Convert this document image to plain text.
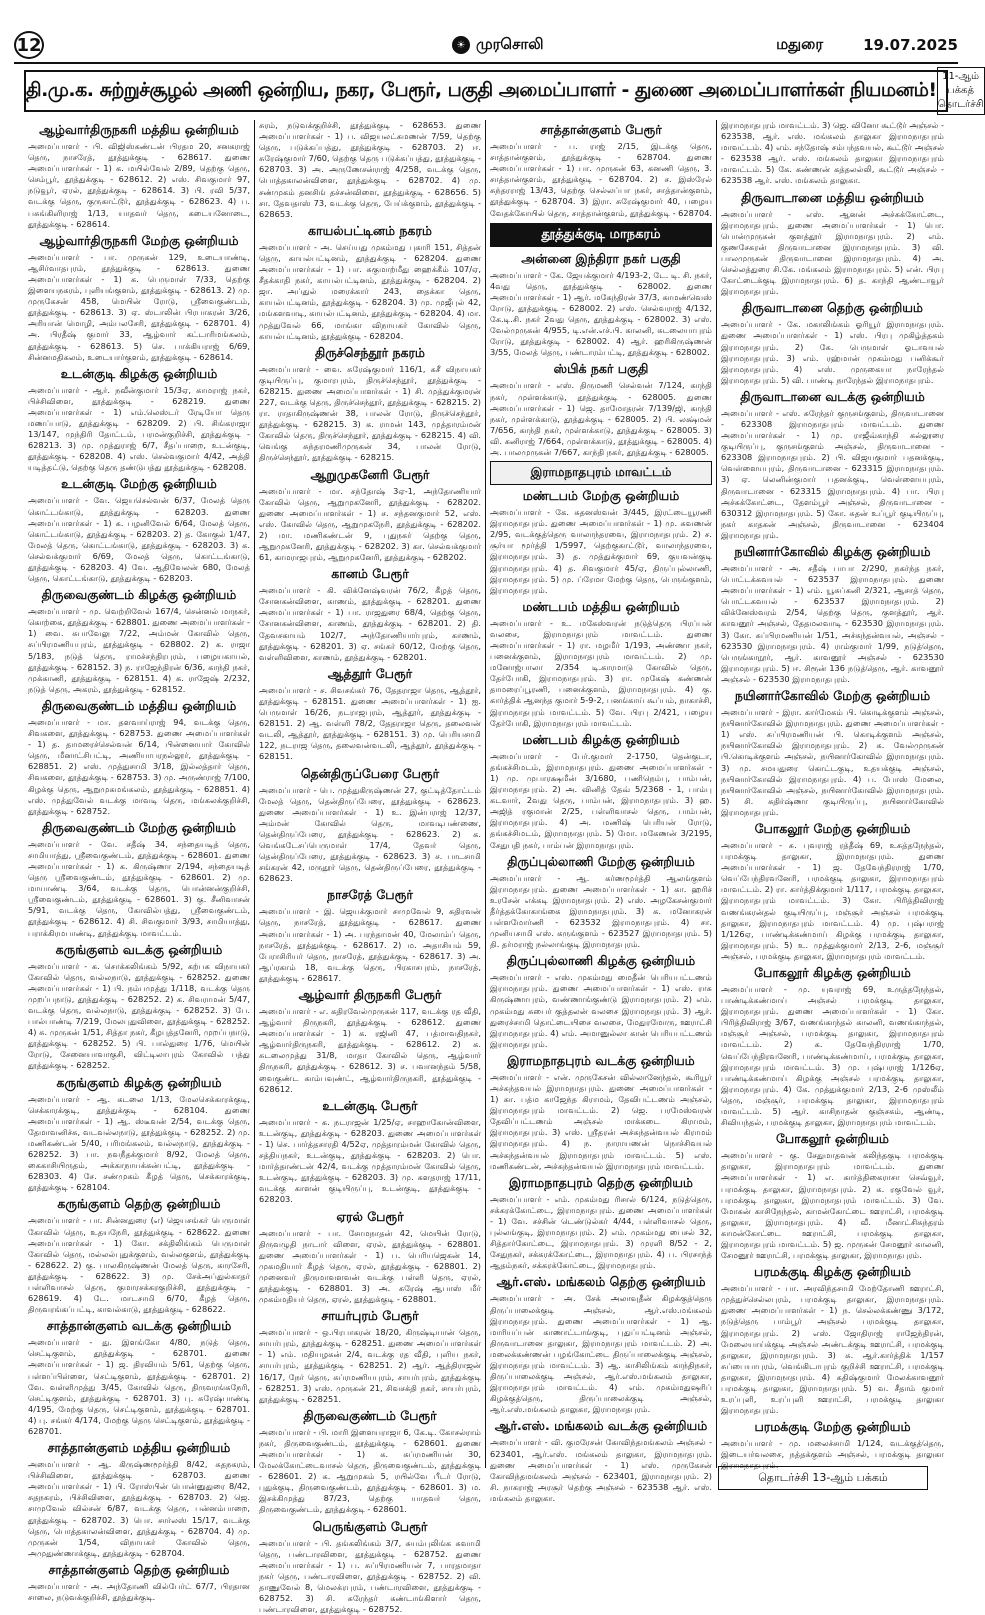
12	☀ முரசொலி	மதுரை	19.07.2025
தி.மு.க. சுற்றுச்சூழல் அணி ஒன்றிய, நகர, பேரூர், பகுதி அமைப்பாளர் - துணை அமைப்பாளர்கள் நியமனம்!
11-ஆம் பக்கத் தொடர்ச்சி
ஆழ்வார்திருநகரி மத்திய ஒன்றியம்

அமைப்பாளர் - பி. விஜிஸ்கண்டன் பிரதம 20, சனகராஜ் தெரு, நாசரேத், தூத்துக்குடி - 628617. துணை அமைப்பாளர்கள் - 1) க. மயில்வேல் 2/89, தெற்கு தெரு, செம்பூர், தூத்துக்குடி - 628612. 2) எஸ். சிவகுமார் 97, நடுவூர், ஏரல், தூத்துக்குடி - 628614. 3) பி. ரவி 5/37, வடக்கு தெரு, குருகாட்டூர், தூத்துக்குடி - 628623. 4) ப. பசுங்கிளிராஜ் 1/13, யாதவர் தெரு, கடையனோடை, தூத்துக்குடி - 628614.

ஆழ்வார்திருநகரி மேற்கு ஒன்றியம்

அமைப்பாளர் - பா. முருகன் 129, உடையாண்டி, ஆசிர்வாதபுரம், தூத்துக்குடி - 628613. துணை அமைப்பாளர்கள் - 1) க. பெருமாள் 7/33, தெற்கு இளையநகரம், புளியங்குளம், தூத்துக்குடி - 628613. 2) மு. முருகேசன் 458, மெயின் ரோடு, ஸ்ரீவைகுண்டம், தூத்துக்குடி - 628613. 3) ஏ. ஸ்டாலின் பிரபாகரன் 3/26, அரியான் மொழி, அம்பலசேரி, தூத்துக்குடி - 628701. 4) அ. பிரதீஷ் குமார் 33, ஆழ்வார் கட்டாரிமங்கலம், தூத்துக்குடி - 628613. 5) செ. பாக்கியராஜ் 6/69, சின்னமதிகலம், உடையார்குளம், தூத்துக்குடி - 628614.

உடன்குடி கிழக்கு ஒன்றியம்

அமைப்பாளர் - ஆர். நவீன்குமார் 15/3ஏ, காமராஜ் நகர், பிச்சிவிளை, தூத்துக்குடி - 628219. துணை அமைப்பாளர்கள் - 1) எம்.லெஸ்டர் ரேடியோ தெரு மணப்பாடு, தூத்துக்குடி - 628209. 2) பி. சிங்கராஜா 13/147, முந்திரி தோட்டம், பரமன்குறிச்சி, தூத்துக்குடி - 628213. 3) மு. முத்துராஜ் 6/7, சீதப்பாறை, உடன்குடி, தூத்துக்குடி - 628208. 4) எஸ். செல்வகுமார் 4/42, அத்தி யடித்தட்டு, தெற்கு தெரு தண்டுபத்து தூத்துக்குடி - 628208.

உடன்குடி மேற்கு ஒன்றியம்

அமைப்பாளர் - வே. ஜெயசெல்வன் 6/37, மேலத் தெரு கொட்டங்காடு, தூத்துக்குடி - 628203. துணை அமைப்பாளர்கள் - 1) க. பழனிவேல் 6/64, மேலத் தெரு, கொட்டங்காடு, தூத்துக்குடி - 628203. 2) த. கோகுல் 1/47, மேலத் தெரு, கொட்டங்காடு, தூத்துக்குடி - 628203. 3) க. செல்வக்குமார் 6/69, மேலத் தெரு, கொட்டங்காடு, தூத்துக்குடி - 628203. 4) வே. ஆதிவேலன் 680, மேலத் தெரு, கொட்டங்காடு, தூத்துக்குடி - 628203.

திருவைகுண்டம் கிழக்கு ஒன்றியம்

அமைப்பாளர் - மு. வெற்றிவேல் 167/4, சென்னல் மாநகர், கொற்கை, தூத்துக்குடி - 628801. துணை அமைப்பாளர்கள் - 1) வை. சுபாவேலு 7/22, அம்மன் கோவில் தெரு, சுப்பிரமணியபுரம், தூத்துக்குடி - 628802. 2) க. ராஜா 5/183, நடுத் தெரு, ராமச்சந்திரபுரம், பழையகாயல், தூத்துக்குடி - 628152. 3) ந. ராஜேந்திரன் 6/36, காந்தி நகர், முக்காணி, தூத்துக்குடி - 628151. 4) க. ராஜேஷ் 2/232, நடுத் தெரு, அகரம், தூத்துக்குடி - 628152.

திருவைகுண்டம் மத்திய ஒன்றியம்

அமைப்பாளர் - மா. தளவாய்ராஜ் 94, வடக்கு தெரு, சிவகளை, தூத்துக்குடி - 628753. துணை அமைப்பாளர்கள் - 1) த. தாமரைச்செல்வன் 6/14, பின்னையார் கோவில் தெரு, மீனாட்சிபட்டி, அணியாபரநல்லூர், தூத்துக்குடி - 628851. 2) எஸ். முத்துசாமி 3/18, இல்லத்தார் தெரு, சிவகளை, தூத்துக்குடி - 628753. 3) மு. அருண்ராஜ் 7/100, கிழக்கு தெரு, ஆறுமுகமங்கலம், தூத்துக்குடி - 628851. 4) எஸ். முத்துவேல் வடக்கு மாவடி தெரு, மங்கலக்குறிச்சி, தூத்துக்குடி - 628752.

திருவைகுண்டம் மேற்கு ஒன்றியம்

அமைப்பாளர் - வே. சதீஷ் 34, சந்தையடித் தெரு, சாமியாத்து, ஸ்ரீவைகுண்டம், தூத்துக்குடி - 628601. துணை அமைப்பாளர்கள் - 1) க. கிருஷ்ணா 2/194, சந்தையடித் தெரு ஸ்ரீவைகுண்டம், தூத்துக்குடி - 628601. 2) மு. மாயாண்டி 3/64, வடக்கு தெரு, பொன்னன்குறிச்சி, ஸ்ரீவைகுண்டம், தூத்துக்குடி - 628601. 3) கு. சீனிவாசன் 5/91, வடக்கு தெரு, கோவில்பத்து, ஸ்ரீவைகுண்டம், தூத்துக்குடி - 628612. 4) சி. சிவகுமார் 3/93, சாமியாத்து, பராக்கிரமபாண்டி, தூத்துக்குடி மாவட்டம்.

கருங்குளம் வடக்கு ஒன்றியம்

அமைப்பாளர் - க. சொக்கலிங்கம் 5/92, கற்பக விநாயகர் கோவில் தெரு, வல்லநாடு, தூத்துக்குடி - 628252. துணை அமைப்பாளர்கள் - 1) பி. நம்பமுத்து 1/118, வடக்கு தெரு முறப்பநாடு, தூத்துக்குடி - 628252. 2) க. சிவராமன் 5/47, வடக்கு தெரு, வல்லநாடு, தூத்துக்குடி - 628252. 3) பே. பால்பாண்டி 7/219, மேலபுதுவிளை, தூத்துக்குடி - 628252. 4) சு. முருகன் 1/51, சித்தா நகர், கீழபுத்தனேரி, முறப்பநாடு, தூத்துக்குடி - 628252. 5) பி. பால்துரை 1/76, மெயின் ரோடு, சேனையாவாகுசி, விட்டிலாபுரம் கோவில் பத்து தூத்துக்குடி - 628252.

கருங்குளம் கிழக்கு ஒன்றியம்

அமைப்பாளர் - ஆ. கடலை 1/13, மேலசெக்காரக்குடி, செக்காரக்குடி, தூத்துக்குடி - 628104. துணை அமைப்பாளர்கள் - 1) ஆ. ஸ்டீவன் 2/54, வடக்கு தெரு, தேமாவனிச்சு, வடவல்லநாடு, தூத்துக்குடி - 628252. 2) மு. மணிகண்டன் 5/40, பரிமங்கலம், வல்லநாடு, தூத்துக்குடி - 628252. 3) பா. நவநீதக்குமார் 8/92, மேலத் தெரு, கைகாசியிருதம், அக்காநாயக்கன்பட்டி, தூத்துக்குடி - 628303. 4) சே. சண்முகம் கீழத் தெரு, செக்காரக்குடி, தூத்துக்குடி - 628104.

கருங்குளம் தெற்கு ஒன்றியம்

அமைப்பாளர் - பா. சின்னதுரை (எ) ஜெயசங்கர் பெருமாள் கோவில் தெரு, உதயநேரி, தூத்துக்குடி - 628622. துணை அமைப்பாளர்கள் - 1) கோ. சக்திலிங்கம் பெருமாள் கோவில் தெரு, மல்லல்புதுக்குளம், வல்லகுளம், தூத்துக்குடி - 628622. 2) கு. பாலகிருஷ்ணன் மேலத் தெரு, காரசேரி, தூத்துக்குடி - 628622. 3) மு. சேக்அப்துல்காதர் பள்ளிவாசல் தெரு, குமாரசக்கரகுறிச்சி, தூத்துக்குடி - 628619. 4) டே. மாடசாமி 6/70, கீழத் தெரு, திருவரங்கப்பட்டி, காவல்காடு, தூத்துக்குடி - 628622.

சாத்தான்குளம் வடக்கு ஒன்றியம்

அமைப்பாளர் - து. இளங்கோ 4/80, நடுத் தெரு, செட்டிகுளம், தூத்துக்குடி - 628701. துணை அமைப்பாளர்கள் - 1) ஜ. திரவியம் 5/61, தெற்கு தெரு, பள்ளப்பிள்ளை, செட்டிகுளம், தூத்துக்குடி - 628701. 2) வே. வள்ளிமுத்து 3/45, கோவில் தெரு, திருவரங்கநேரி, செட்டிகுளம், தூத்துக்குடி - 628701. 3) பு. சுரேஷ்பாண்டி 4/195, மேற்கு தெரு, செட்டிகுளம், தூத்துக்குடி - 628701. 4) பு. சங்கர் 4/174, மேற்கு தெரு செட்டிகுளம், தூத்துக்குடி - 628701.

சாத்தான்குளம் மத்திய ஒன்றியம்

அமைப்பாளர் - ஆ. கிருஷ்ணமூர்த்தி 8/42, சுதநகரம், பிச்சிவிளை, தூத்துக்குடி - 628703. துணை அமைப்பாளர்கள் - 1) பி. ரோஸ்பின் பொன்னுதுரை 8/42, சுதநகரம், பிச்சிவிளை, தூத்துக்குடி - 628703. 2) ஜெ. சாமுவேல் வில்சன் 6/87, வடக்கு தெரு, பன்னம்பாறை, தூத்துக்குடி - 628702. 3) பொ. சார்லஸ் 15/17, வடக்கு தெரு, பொத்தகாலன்விளை, தூத்துக்குடி - 628704. 4) மு. முருகன் 1/54, விநாயகர் கோவில் தெரு, அமுதுண்ணாக்குடி, தூத்துக்குடி - 628704.

சாத்தான்குளம் தெற்கு ஒன்றியம்

அமைப்பாளர் - அ. அந்தோணி வில்பேர்ட் 67/7, பிரதான சாலை, நடுவக்குறிச்சி, தூத்துக்குடி.

சுரம், நடுவக்குறிச்சி, தூத்துக்குடி - 628653. துணை அமைப்பாளர்கள் - 1) ப. விஜயலட்சுமணன் 7/59, தெற்கு தெரு, படுக்கப்பத்து, தூத்துக்குடி - 628703. 2) ஈ. சுரேஷ்குமார் 7/60, தெற்கு தெரு படுக்கப்பத்து, தூத்துக்குடி - 628703. 3) அ. அருணேசன்ராஜ் 4/258, வடக்கு தெரு, பொத்தகாலன்விளை, தூத்துக்குடி - 628702. 4) மு. சண்முகம் தனசிங் தச்சன்விளை, தூத்துக்குடி - 628656. 5) சா. தேவதாஸ் 73, வடக்கு தெரு, பேய்க்குளம், தூத்துக்குடி - 628653.

காயல்பட்டினம் நகரம்

அமைப்பாளர் - அ. செய்யது முகம்மது புகாரி 151, சித்தன் தெரு, காயல்பட்டினம், தூத்துக்குடி - 628204. துணை அமைப்பாளர்கள் - 1) பா. சுகுமாற்மீது ஹைக்கீம் 107/ஏ, சீதக்காதி நகர், காயல்பட்டினம், தூத்துக்குடி - 628204. 2) ஜா. அப்துல் மரைக்கார் 243, தைக்கா தெரு, காயல்பட்டினம், தூத்துக்குடி - 628204. 3) மு. முஜீபுல் 42, மங்களவாடி, காயல்பட்டினம், தூத்துக்குடி - 628204. 4) மா. முத்துவேல் 66, மாங்கா விநாயகர் கோவில் தெரு, காயல்பட்டினம், தூத்துக்குடி - 628204.

திருச்செந்தூர் நகரம்

அமைப்பாளர் - வை. சுரேஷ்குமார் 116/1, சுசீ விநாயகர் குடியிருப்பு, குமாரபுரம், திருச்செந்தூர், தூத்துக்குடி - 628215. துணை அமைப்பாளர்கள் - 1) சி. முத்துக்குமரன் 227, வடக்கு தெரு, திருச்செந்தூர், தூத்துக்குடி - 628215. 2) ரா. ராதாகிருஷ்ணன் 38, பாலன் ரோடு, திருச்செந்தூர், தூத்துக்குடி - 628215. 3) க. ராமன் 143, முத்தாரம்மன் கோவில் தெரு, திருச்செந்தூர், தூத்துக்குடி - 628215. 4) வி. வெங்கு சுந்தரமணிமுருகன் 34, பாலன் ரோடு, திருச்செந்தூர், தூத்துக்குடி - 628215.

ஆறுமுகனேரி பேரூர்

அமைப்பாளர் - மா. சந்தோஷ் 3ஏ-1, அந்தோணியார் கோவில் தெரு, ஆறுமுகனேரி, தூத்துக்குடி - 628202. துணை அமைப்பாளர்கள் - 1) ச. சந்தனகுமார் 52, எஸ். எஸ். கோவில் தெரு, ஆறுமுகநேரி, தூத்துக்குடி - 628202. 2) மா. மணிகண்டன் 9, புதுநகர் தெற்கு தெரு, ஆறுமுகனேரி, தூத்துக்குடி - 628202. 3) கா. செல்வக்குமார் 61, காமராஜபுரம், ஆறுமுகனேரி, தூத்துக்குடி - 628202.

கானம் பேரூர்

அமைப்பாளர் - கி. விக்னேஷ்வரன் 76/2, கீழத் தெரு, சோனகன்விளை, காணம், தூத்துக்குடி - 628201. துணை அமைப்பாளர்கள் - 1) பா. ராஜதுரை 68/4, தெற்கு தெரு, சோனகன்விளை, காணம், தூத்துக்குடி - 628201. 2) தி. தேவசகாயம் 102/7, அந்தோணியார்புரம், காணம், தூத்துக்குடி - 628201. 3) ஏ. சங்கர் 60/12, மேற்கு தெரு, வள்ளிவிளை, காணம், தூத்துக்குடி - 628201.

ஆத்தூர் பேரூர்

அமைப்பாளர் - ச. சிவசங்கர் 76, தேதராஜா தெரு, ஆத்தூர், தூத்துக்குடி - 628151. துணை அமைப்பாளர்கள் - 1) ஐ. பெருமாள் 16/26, நடராஜபுரம், ஆத்தூர், தூத்துக்குடி - 628151. 2) ஆ. வள்ளி 78/2, தேதராஜா தெரு, தலைவன் வடலி, ஆத்தூர், தூத்துக்குடி - 628151. 3) மு. பெரியசாமி 122, நடராஜ தெரு, தலைவன்வடலி, ஆத்தூர், தூத்துக்குடி - 628151.

தென்திருப்பேரை பேரூர்

அமைப்பாளர் - பெ. முத்துகிருஷ்ணன் 27, குட்டித்தோட்டம் மேலத் தெரு, தென்திருப்பேரை, தூத்துக்குடி - 628623. துணை அமைப்பாளர்கள் - 1) உ. இன்பராஜ் 12/37, அம்மன் கோவில் தெரு, மாவடிபண்ணை, தென்திருப்பேரை, தூத்துக்குடி - 628623. 2) க. வெங்கடேசப்பெருமாள் 17/4, தேவர் தெரு, தென்திருப்பேரை, தூத்துக்குடி - 628623. 3) ச. பாடசாமி சங்கரன் 42, மருதூர் தெரு, தென்திருப்பேரை, தூத்துக்குடி - 628623.

நாசரேத் பேரூர்

அமைப்பாளர் - இ. ஜெயக்குமார் சாமுவேல் 9, கதிரவன் தெரு, நாசரேத், தூத்துக்குடி - 628617. துணை அமைப்பாளர்கள் - 1) அ. பரந்தாமன் 40, மேலாம்ப் தெரு, நாசரேத், தூத்துக்குடி - 628617. 2) ம. அதாசியம் 59, பேராசிரியர் தெரு, நாசரேத், தூத்துக்குடி - 628617. 3) அ. ஆப்ரகாம் 18, வடக்கு தெரு, பிரகாசபுரம், நாசரேத், தூத்துக்குடி - 628617.

ஆழ்வார் திருநகரி பேரூர்

அமைப்பாளர் - எ. கதிரவேல்முருகன் 117, வடக்கு ரத வீதி, ஆழ்வார் திருநகரி, தூத்துக்குடி - 628612. துணை அமைப்பாளர்கள் - 1) க. ரஜினி 47, பத்மாவதிநகர், ஆழ்வார்திருநகரி, தூத்துக்குடி - 628612. 2) க. சுடலைமுத்து 31/8, மாதா கோவில் தெரு, ஆழ்வார் திருநகரி, தூத்துக்குடி - 628612. 3) ச. பவானந்தம் 5/58, வைகுண்ட காம்பவுண்ட், ஆழ்வார்திருநகரி, தூத்துக்குடி - 628612.

உடன்குடி பேரூர்

அமைப்பாளர் - க. நடராஜன் 1/25/ஏ, சாஹாகோன்விளை, உடன்குடி, தூத்துக்குடி - 628203. துணை அமைப்பாளர்கள் - 1) செ. பார்த்தசாரதி 4/52ஏ, முத்தாரம்மன் கோவில் தெரு, சத்தியநகர், உடன்குடி, தூத்துக்குடி - 628203. 2) பொ. மார்த்தாண்டன் 42/4, வடக்கு முத்தாரம்மன் கோவில் தெரு, உடன்குடி, தூத்துக்குடி - 628203. 3) மு. களதராஜ் 17/11, வடக்கு காளன் குடியிருப்பு, உடன்குடி, தூத்துக்குடி - 628203.

ஏரல் பேரூர்

அமைப்பாளர் - பா. சோமநாதன் 42, மெயின் ரோடு, திருவழுதி நாடார் விளை, ஏரல், தூத்துக்குடி - 628801. துணை அமைப்பாளர்கள் - 1) ப. பெரியஜெகன் 14, முகமதியார் கீழத் தெரு, ஏரல், தூத்துக்குடி - 628801. 2) முனைவர் திருமாவளவன் வடக்கு பள்ளி தெரு, ஏரல், தூத்துக்குடி - 628801. 3) அ. சுரேஷ் ஆபாஸ் மீர் முகம்மதியர் தெரு, ஏரல், தூத்துக்குடி - 628801.

சாயர்புரம் பேரூர்

அமைப்பாளர் - ஒ.பிரபாகரன் 18/20, கிருஷ்டியான் தெரு, சாயர்புரம், தூத்துக்குடி - 628251. துணை அமைப்பாளர்கள் - 1) எம். மதியழகன் 2/4, வடக்கு ரத வீதி, புளிய நகர், சாயர்புரம், தூத்துக்குடி - 628251. 2) ஆர். ஆத்திராஜன் 16/17, நேர் தெரு, சுப்ரமணியபுரம், சாயர்புரம், தூத்துக்குடி - 628251. 3) எஸ். முருகன் 21, சிவசக்தி நகர், சாயர்புரம், தூத்துக்குடி - 628251.

திருவைகுண்டம் பேரூர்

அமைப்பாளர் - பி. மாரி இளையராஜா 6, கே.டி. கோசல்ராம் நகர், திருவைகுண்டம், தூத்துக்குடி - 628601. துணை அமைப்பாளர்கள் - 1) க. சுப்ரமணியன் 30, மேலக்கோட்டைவாசல் தெரு, திருவைகுண்டம், தூத்துக்குடி - 628601. 2) க. ஆறுமுகம் 5, ரயில்வே பீடர் ரோடு, புதுக்குடி, திருவைகுண்டம், தூத்துக்குடி - 628601. 3) ம. இசக்கிமுத்து 87/23, தெற்கு யாதவர் தெரு, திருவைகுண்டம், தூத்துக்குடி - 628601.

பெருங்குளம் பேரூர்

அமைப்பாளர் - பி. தங்கலிங்கம் 3/7, சுயம்புலிங்க சுவாமி தெரு, பண்டாரவிளை, தூத்துக்குடி - 628752. துணை அமைப்பாளர்கள் - 1) ப. சுப்பிரமணியன் 7, பாரதமாதா நகர் தெரு, பண்டாரவிளை, தூத்துக்குடி - 628752. 2) வி. தாணுவேல் 8, மெலக்ரபுரம், பண்டாரவிளை, தூத்துக்குடி - 628752. 3) சி. சுரேந்தர் கண்டாங்கிளார் தெரு, பண்டாரவிளை, தூத்துக்குடி - 628752.

சாத்தான்குளம் பேரூர்

அமைப்பாளர் - ப. ராஜ் 2/15, இடக்கு தெரு, சாத்தான்குளம், தூத்துக்குடி - 628704. துணை அமைப்பாளர்கள் - 1) பா. முருகன் 63, கனணி தெரு, 3. சாத்தான்குளம், தூத்துக்குடி - 628704. 2) ச. இஸ்ரேல் சுந்தரராஜ் 13/43, தெற்கு செல்லப்பா நகர், சாத்தான்குளம், தூத்துக்குடி - 628704. 3) இரா. சுரேஷ்குமார் 40, பழைய வேதக்கோயில் தெரு, சாத்தான்குளம், தூத்துக்குடி - 628704.

தூத்துக்குடி மாநகரம்
அன்னை இந்திரா நகர் பகுதி

அமைப்பாளர் - கே. ஜேயக்குமார் 4/193-2, டே. டி. சி. நகர், 4வது தெரு, தூத்துக்குடி - 628002. துணை அமைப்பாளர்கள் - 1) ஆர். மகேந்திரன் 37/3, காமண்வெஸ் ரோடு, தூத்துக்குடி - 628002. 2) எஸ். செல்வராஜ் 4/132, கே.டி.சி. நகர் 2வது தெரு, தூத்துக்குடி - 628002. 3) எஸ். வேல்முருகன் 4/955, டி.என்.எச்.பி. காலனி, சுடலையாபுரம் ரோடு, தூத்துக்குடி - 628002. 4) ஆர். ஹரிகிருஷ்ணன் 3/55, மேலத் தெரு, பண்டாரம்பட்டி, தூத்துக்குடி - 628002.

ஸ்பிக் நகர் பகுதி

அமைப்பாளர் - எஸ். திருமணி செல்வன் 7/124, காந்தி நகர், முள்ளக்காடு, தூத்துக்குடி - 628005. துணை அமைப்பாளர்கள் - 1) ஜெ. தாமோதரன் 7/139/ஜி, காந்தி நகர், முள்ளக்காடு, தூத்துக்குடி - 628005. 2) பி. லக்ஷ்மன் 7/656, காந்தி நகர், முள்ளக்காடு, தூத்துக்குடி - 628005. 3) வி. கனிராஜ் 7/664, முள்ளக்காடு, தூத்துக்குடி - 628005. 4) அ. பாலமுருகன் 7/667, காந்தி நகர், தூத்துக்குடி - 628005.

இராமநாதபுரம் மாவட்டம்
மண்டபம் மேற்கு ஒன்றியம்

அமைப்பாளர் - கே. சுதனஸ்வன் 3/445, இரட்டையூரணி இராமநாதபுரம். துணை அமைப்பாளர்கள் - 1) மு. சுவணன் 2/95, வடக்குத்தெரு வாலாந்தரவை, இராமநாதபுரம். 2) ச. சூர்யா மூர்த்தி 1/5997, தெற்குகாட்டூர், வாலாந்தரவை, இராமநாதபுரம். 3) த. முத்துக்குமார் 69, குயவன்குடி இராமநாதபுரம். 4) த. சிவகுமார் 45/ஏ, திருப்புல்லாணி, இராமநாதபுரம். 5) மு. ப்ரேமா மேற்கு தெரு, பெருங்குளம், இராமநாதபுரம்.

மண்டபம் மத்திய ஒன்றியம்

அமைப்பாளர் - உ. மகேஸ்வரன் நடுத்தெரு பிரப்பன் வலசை, இராமநாதபுரம் மாவட்டம். துணை அமைப்பாளர்கள் - 1) ரா. மழமீர் 1/193, அண்ணா நகர், பனைக்குளம், இராமநாதபுரம் மாவட்டம். 2) மு. மனோஜ்பாலா 2/354 டி.காரமாடு கோவில் தெரு, தேர்போகி, இராமநாதபுரம். 3) ரா. முகேஷ் கண்ணன் தாமரைப்பூரணி, பனைக்குளம், இராமநாதபுரம். 4) கு. கார்த்திக் ஆனந்த குமார் 5-9-2, பனங்காய் கூப்பம், நாகாச்சி, இராமநாதபுரம் மாவட்டம். 5) வே. பிரபு 2/421, பழைய தேர்போகி, இராமநாதபுரம் மாவட்டம்.

மண்டபம் கிழக்கு ஒன்றியம்

அமைப்பாளர் - பேர்.குமார் 2-1750, தென்குடா, தங்கச்சிமடம், இராமநாதபுரம். துணை அமைப்பாளர்கள் - 1) மு. முபாரக்ஷமீன் 3/1680, பணிநெம்பு, பாம்பன், இராமநாதபுரம். 2) அ. வினித் தேவ் 5/2368 - 1, பாம்பு கடவார், 2வது தெரு, பாம்பன், இராமநாதபுரம். 3) ஹ. அஜித் ரகுமான் 2/25, பள்ளிவாசல் தெரு, பாம்பன், இராமநாதபுரம். 4) அ. மணிஷ் பெரியன் ரோடு, தங்கச்சிமடம், இராமநாதபுரம். 5) மோ. மகேணன் 3/2195, சேதுபதி நகர், பாம்பன் இராமநாதபுரம்.

திருப்புல்லாணி மேற்கு ஒன்றியம்

அமைப்பாளர் - ஆ. கர்ணமூர்த்தி ஆலங்குளம் இராமநாதபுரம். துணை அமைப்பாளர்கள் - 1) கா. ஹரிச் உரசேன் எக்கடி இராமநாதபுரம். 2) எஸ். அழகேசன்குமார் தீர்த்தக்கோகாங்கை இராமநாதபுரம். 3) க. மனோகரன் பள்ளமோர்ணி - 623532 இராமநாதபுரம். 4) சா. முனியசாமி எஸ். கருங்குளம் - 623527 இராமநாதபுரம். 5) தி. தர்மராஜ் நல்லாங்குடி இராமநாதபுரம்.

திருப்புல்லாணி கிழக்கு ஒன்றியம்

அமைப்பாளர் - எஸ். முகம்மது மைதீன் பெரியபட்டணம் இராமநாதபுரம். துணை அமைப்பாளர்கள் - 1) எஸ். ராசு கிருஷ்ணாபுரம், வண்ணாங்குண்டு இராமநாதபுரம். 2) எம். முகம்மது சுபைர் குத்தலன் வலசை இராமநாதபுரம். 3) ஆர். துரைச்சாமி தொட்டையிசை வலசை, மேதுரமோரு, ஊராட்சி இராமநாதபுரம். 4) எம். அமானுல்லா கான் பெரியபட்டணம் இராமநாதபுரம்.

இராமநாதபுரம் வடக்கு ஒன்றியம்

அமைப்பாளர் - என். முருகேசன் வில்லானேந்தல், கூரியூர் அச்சுந்தவயல் இராமநாதபுரம். துணை அமைப்பாளர்கள் - 1) கா. பத்ம காஜேந்த கிராமம், தேவிபட்டணம் அஞ்சல், இராமநாதபுரம் மாவட்டம். 2) ஜெ. பரமேஸ்வரன் தேவிப்பட்டணம் அஞ்சல் மாக்கடை கிராமம், இராமநாதபுரம். 3) எஸ். ஸ்ரீதரன் அச்சுந்தன்வயல் கிராமம் இராமநாதபுரம். 4) ந. நாராயணன் நொச்சிவயல் அச்சுந்தன்வயல் இராமநாதபுரம் மாவட்டம். 5) எஸ். மணிகண்டன், அச்சுந்தன்வயல் இராமநாதபுரம் மாவட்டம்.

இராமநாதபுரம் தெற்கு ஒன்றியம்

அமைப்பாளர் - எம். முகம்மது ரிசால் 6/124, நடுத்தெரு, சக்கரக்கோட்டை, இராமநாதபுரம். துணை அமைப்பாளர்கள் - 1) வே. சச்சின் டெண்டுல்கர் 4/44, பள்ளிவாசல் தெரு, புல்லங்குடி, இராமநாதபுரம். 2) எம். முகம்மது பைசல் 32, சித்தார்கோட்டை, இராமநாதபுரம். 3) முரளி 8/52 - 2, சேதுநகர், சக்கரக்கோட்டை, இராமநாதபுரம். 4) ப. பிரசாந்த் ஆதம்நகர், சக்கரக்கோட்டை, இராமநாதபுரம்.

ஆர்.எஸ். மங்கலம் தெற்கு ஒன்றியம்

அமைப்பாளர் - அ. சேக் அலாவுதீன் கிழக்குத்தெரு திருப்பாலைக்குடி அஞ்சல், ஆர்.எஸ்.மங்கலம் இராமநாதபுரம். துணை அமைப்பாளர்கள் - 1) ஆ. மாரியப்பன் காணாட்டாங்குடி, புதுப்பட்டினம் அஞ்சல், திருவாடானை தாலுகா, இராமநாதபுரம் மாவட்டம். 2) அ. மலைக்கண்ணன் பழங்கோட்டை திருப்பாலைக்குடி அஞ்சல், இராமநாதபுரம் மாவட்டம். 3) ஆ. காசிலிங்கம் காந்திநகர், திருப்பாலைக்குடி அஞ்சல், ஆர்.எஸ்.மங்கலம் தாலுகா, இராமநாதபுரம் மாவட்டம். 4) எம். முகம்மதுஷரிப் கிழக்குத்தெரு, திருப்பாலைக்குடி அஞ்சல், ஆர்.எஸ்.மங்கலம் தாலுகா, இராமநாதபுரம்.

ஆர்.எஸ். மங்கலம் வடக்கு ஒன்றியம்

அமைப்பாளர் - வி. குமரேசன் கோவிந்தமங்கலம் அஞ்சல் - 623401, ஆர்.எஸ். மங்கலம் தாலுகா, இராமநாதபுரம். துணை அமைப்பாளர்கள் - 1) எஸ். முருகேசன் கோவிந்தமங்கலம் அஞ்சல் - 623401, இராமநாதபுரம். 2) சி. நாகராஜ் அரசூர் தெற்கு அஞ்சல் - 623538 ஆர். எஸ். மங்கலம் தாலுகா.

இராமநாதபுரம் மாவட்டம். 3) ஜெ. வினோ கூட்டூர் அஞ்சல் - 623538, ஆர். எஸ். மங்கலம் தாலுகா இராமநாதபுரம் மாவட்டம். 4) எம். சந்தோஷ் சம்பந்தவயல், கூட்டூர் அஞ்சல் - 623538 ஆர். எஸ். மங்கலம் தாலுகா இராமநாதபுரம் மாவட்டம். 5) கே. கண்ணன் கத்தலல்லி, கூட்டூர் அஞ்சல் - 623538 ஆர். எஸ். மங்கலம் தாலுகா.

திருவாடானை மத்திய ஒன்றியம்

அமைப்பாளர் - எஸ். ஆனன் அச்சுக்கோட்டை, இராமநாதபுரம். துணை அமைப்பாளர்கள் - 1) பொ. பொன்முருகன் குளத்தூர் இராமநாதபுரம். 2) எம். குணசேகரன் திருவாடானை இராமநாதபுரம். 3) வி. பாலமுருகன் திருவாடானை இராமநாதபுரம். 4) அ. செல்லத்துரை சி.கே. மங்கலம் இராமநாதபுரம். 5) என். பிரபு கோட்டைக்குடி இராமநாதபுரம். 6) த. காந்தி ஆண்டாவூர் இராமநாதபுரம்.

திருவாடானை தெற்கு ஒன்றியம்

அமைப்பாளர் - கே. மகாலிங்கம் ஓரியூர் இராமநாதபுரம். துணை அமைப்பாளர்கள் - 1) எஸ். பிரபு முகிழ்த்தகம் இராமநாதபுரம். 2) கே. பெருமாள் ஓடாவயல் இராமநாதபுரம். 3) எம். ரஹ்மான் முகம்மது பனிக்கூர் இராமநாதபுரம். 4) எஸ். முருகையா நாரேந்தல் இராமநாதபுரம். 5) வி. பாண்டி நாரேந்தல் இராமநாதபுரம்.

திருவாடானை வடக்கு ஒன்றியம்

அமைப்பாளர் - எஸ். சுரேந்தர் குருசங்குளம், திருவாடானை - 623308 இராமநாதபுரம் மாவட்டம். துணை அமைப்பாளர்கள் - 1) மு. ராஜீவ்காந்தி கல்லூரை குடியிருப்பு, குருசங்குளம் அஞ்சல், திருவாடானை - 623308 இராமநாதபுரம். 2) பி. விஜயகுமார் பதனக்குடி, வெள்ளையபுரம், திருவாடானை - 623315 இராமநாதபுரம். 3) ஏ. லெனின்குமார் பதனக்குடி, வெள்ளையபுரம், திருவாடானை - 623315 இராமநாதபுரம். 4) பா. பிரபு அச்சுக்கோட்டை, தேளம்பூர் அஞ்சல், திருவாடானை - 630312 இராமநாதபுரம். 5) கோ. சுதன் உப்பூர் குடியிருப்பு, நகர் காதகன் அஞ்சல், திருவாடானை - 623404 இராமநாதபுரம்.

நயினார்கோவில் கிழக்கு ஒன்றியம்

அமைப்பாளர் - அ. சதீஷ் பாபா 2/290, நகர்ந்த நகர், பொட்டக்கவயல் - 623537 இராமநாதபுரம். துணை அமைப்பாளர்கள் - 1) எம். யூசுப்கனி 2/321, ஆசாத் தெரு, பொட்டகவயல் - 623537 இராமநாதபுரம். 2) விக்னேஸ்வரம் 2/54, தெற்கு தெரு, குளத்தூர், ஆர். காவனூர் அஞ்சல், தேதமலவாடி - 623530 இராமநாதபுரம். 3) கோ. சுப்பிரமணியன் 1/51, அச்சுந்தன்வயல், அஞ்சல் - 623530 இராமநாதபுரம். 4) ராம்குமார் 1/99, நடுத்தெரு, பெருங்காநூர், ஆர். காவனூர் அஞ்சல் - 623530 இராமநாதபுரம். 5) ஈ. சிரூன் 136 நடுத்தெரு, ஆர். காவனூர் அஞ்சல் - 623530 இராமநாதபுரம்.

நயினார்கோவில் மேற்கு ஒன்றியம்

அமைப்பாளர் - இரா. கார்மேகம் பி. கொடிக்குளம் அஞ்சல், நயினார்கோவில் இராமநாதபுரம். துணை அமைப்பாளர்கள் - 1) எஸ். சுப்பிரமணியன் பி. கொடிக்குளம் அஞ்சல், நயினார்கோவில் இராமநாதபுரம். 2) க. வேல்முருகன் பி.கொடிக்குளம் அஞ்சல், நயினார்கோவில் இராமநாதபுரம். 3) மு. சமயதுரை கொட்டகுடி, உதயக்குடி அஞ்சல், நயினார்கோவில் இராமநாதபுரம். 4) ப. போஸ் மேலை, நயினார்கோவில் அஞ்சல், நயினார்கோவில் இராமநாதபுரம். 5) சி. கதிர்ஷ்ணா குடியிருப்பு, நயினார்கோவில் இராமநாதபுரம்.

போகலூர் மேற்கு ஒன்றியம்

அமைப்பாளர் - சு. புவராஜ் ரத்தீஷ் 69, உசுத்தநேந்தல், பரமக்குடி தாலுகா, இராமநாதபுரம். துணை அமைப்பாளர்கள் - 1) ஜ. தேவேந்திரராஜ் 1/70, வெப்பேந்திரவனேரி, பரமக்குடி தாலுகா, இராமநாதபுரம் மாவட்டம். 2) ரா. கார்த்திக்குமார் 1/117, பரமக்குடி தாலுகா, இராமநாதபுரம் மாவட்டம். 3) கோ. பிரித்திவிராஜ் வணங்கரன்தல் குடியிருப்பு, மஞ்சூர் அஞ்சல் பரமக்குடி தாலுகா, இராமநாதபுரம் மாவட்டம். 4) மு. புஷ்பராஜ் 1/126ஏ, பாண்டிக்கண்மாய் கிழக்கு பரமக்குடி தாலுகா, இராமநாதபுரம். 5) உ. முத்துக்குமார் 2/13, 2-6, மஞ்சூர் அஞ்சல், பரமக்குடி தாலுகா, இராமநாதபுரம் மாவட்டம்.

போகலூர் கிழக்கு ஒன்றியம்

அமைப்பாளர் - மு. யுவராஜ் 69, உருத்தநேந்தல், பாண்டிக்கண்மாய் அஞ்சல் பரமக்குடி தாலுகா, இராமநாதபுரம். துணை அமைப்பாளர்கள் - 1) கோ. பிரித்திவிராஜ் 3/67, வணங்காந்தல் காலனி, வணங்காந்தல், மஞ்சூர் அஞ்சல், பரமக்குடி தாலுகா, இராமநாதபுரம் மாவட்டம். 2) க. தேவேந்திரராஜ் 1/70, வெப்பேந்திரவனேரி, பாண்டிக்கண்மாய், பரமக்குடி தாலுகா, இராமநாதபுரம் மாவட்டம். 3) மு. புஷ்பராஜ் 1/126ஏ, பாண்டிக்கண்மாய் கிழக்கு அஞ்சல் பரமக்குடி தாலுகா, இராமநாதபுரம். 4) கே. முத்துக்குமார் 2/13, 2-6 முஸ்லீம் தெரு, மஞ்சூர், பரமக்குடி தாலுகா, இராமநாதபுரம் மாவட்டம். 5) ஆர். காசிநாதன் குஞ்சகம், ஆண்டி, சிவியந்தல், பரமக்குடி தாலுகா, இராமநாதபுரம் மாவட்டம்.

போகலூர் ஒன்றியம்

அமைப்பாளர் - கு. சேதுமாதவன் கலிந்தகுடி பரமக்குடி தாலுகா, இராமநாதபுரம் மாவட்டம். துணை அமைப்பாளர்கள் - 1) எ. கார்த்திகைராசா செவ்வூர், பரமக்குடி தாலுகா, இராமநாதபுரம். 2) க. ரகுவேல் வூர், பரமக்குடி தாலுகா, இராமநாதபுரம் மாவட்டம். 3) வே. மோகன் காசிநேந்தல், காமன்கோட்டை ஊராட்சி, பரமக்குடி தாலுகா, இராமநாதபுரம். 4) வீ. மீனாட்சிசுந்தரம் காமன்கோட்டை ஊராட்சி, பரமக்குடி தாலுகா, இராமநாதபுரம் மாவட்டம். 5) ஜ. முருகன் சேமனூர் காலனி, சேமனூர் ஊராட்சி, பரமக்குடி தாலுகா, இராமநாதபுரம்.

பரமக்குடி கிழக்கு ஒன்றியம்

அமைப்பாளர் - பா. அரவிந்தசாமி மேற்தோணி ஊராட்சி, முத்துச்செல்லபுரம், பரமக்குடி தாலுகா, இராமநாதபுரம். துணை அமைப்பாளர்கள் - 1) ந. செல்லக்கண்ணு 3/172, நடுத்தெரு பாம்பூர் அஞ்சல் பரமக்குடி தாலுகா, இராமநாதபுரம். 2) எஸ். ஜோதிராஜ் ராஜேந்திரன், மேலையாய்க்குடி அஞ்சல் அண்டக்குடி ஊராட்சி, பரமக்குடி தாலுகா, இராமநாதபுரம். 3) சு. ஆர்.கார்த்திக் 1/157 சுப்பையாபுரம், வெங்கிடாபுரம் குறிச்சி ஊராட்சி, பரமக்குடி தாலுகா, இராமநாதபுரம். 4) கதிஷ்குமார் மேலக்காவனூர் பரமக்குடி தாலுகா, இராமநாதபுரம். 5) வ. சீதாம் குமார் உரப்புளி, உரப்புளி ஊராட்சி, பரமக்குடி தாலுகா இராமநாதபுரம்.

பரமக்குடி மேற்கு ஒன்றியம்

அமைப்பாளர் - மு. மலைச்சாமி 1/124, வடக்குத்தெரு, இடையர்வலசை, நத்தக்குளம் அஞ்சல், பரமக்குடி தாலுகா இராமநாதபுரம்.

தொடர்ச்சி 13-ஆம் பக்கம்
